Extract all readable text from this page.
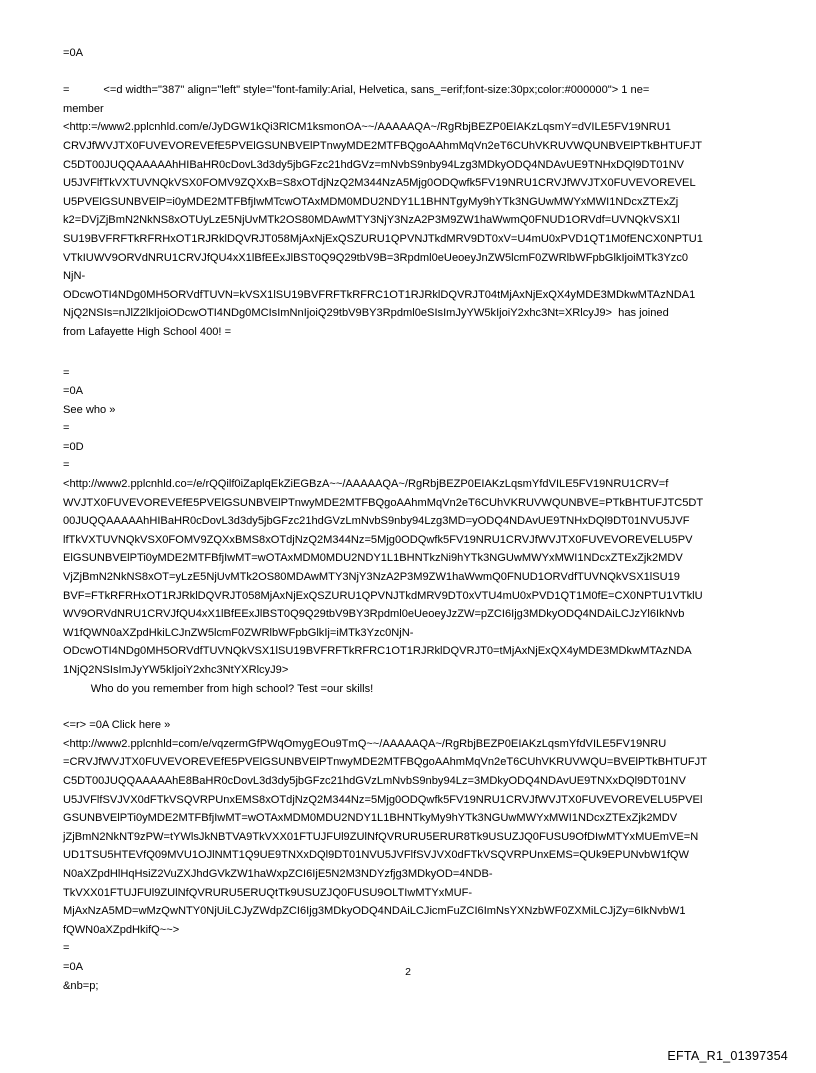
=0A
=           <=d width="387" align="left" style="font-family:Arial, Helvetica, sans_=erif;font-size:30px;color:#000000"> 1 ne=
member
<http:=/www2.pplcnhld.com/e/JyDGW1kQi3RlCM1ksmonOA~~/AAAAAQA~/RgRbjBEZP0EIAKzLqsmY=dVILE5FV19NRU1
CRVJfWVJTX0FUVEVOREVEfE5PVElGSUNBVElPTnwyMDE2MTFBQgoAAhmMqVn2eT6CUhVKRUVWQUNBVElPTkBHTUFJT
C5DT00JUQQAAAAAhHIBaHR0cDovL3d3dy5jbGFzc21hdGVz=mNvbS9nby94Lzg3MDkyODQ4NDAvUE9TNHxDQl9DT01NV
U5JVFlfTkVXTUVNQkVSX0FOMV9ZQXxB=S8xOTdjNzQ2M344NzA5Mjg0ODQwfk5FV19NRU1CRVJfWVJTX0FUVEVOREVEL
U5PVElGSUNBVElP=i0yMDE2MTFBfjIwMTcwOTAxMDM0MDU2NDY1L1BHNTgyMy9hYTk3NGUwMWYxMWI1NDcxZTExZj
k2=DVjZjBmN2NkNS8xOTUyLzE5NjUvMTk2OS80MDAwMTY3NjY3NzA2P3M9ZW1haWwmQ0FNUD1ORVdf=UVNQkVSX1l
SU19BVFRFTkRFRHxOT1RJRklDQVRJT058MjAxNjExQSZURU1QPVNJTkdMRV9DT0xV=U4mU0xPVD1QT1M0fENCX0NPTU1
VTkIUWV9ORVdNRU1CRVJfQU4xX1lBfEExJlBST0Q9Q29tbV9B=3Rpdml0eUeoeyJnZW5lcmF0ZWRlbWFpbGlkIjoiMTk3Yzc0
NjN-
ODcwOTI4NDg0MH5ORVdfTUVN=kVSX1lSU19BVFRFTkRFRC1OT1RJRklDQVRJT04tMjAxNjExQX4yMDE3MDkwMTAzNDA1
NjQ2NSIs=nJlZ2lkIjoiODcwOTI4NDg0MCIsImNnIjoiQ29tbV9BY3Rpdml0eSIsImJyYW5kIjoiY2xhc3Nt=XRlcyJ9>  has joined
from Lafayette High School 400! =
=
=0A
See who »
=
=0D
=
<http://www2.pplcnhld.co=/e/rQQilf0iZaplqEkZiEGBzA~~/AAAAAQA~/RgRbjBEZP0EIAKzLqsmYfdVILE5FV19NRU1CRV=f
WVJTX0FUVEVOREVEfE5PVElGSUNBVElPTnwyMDE2MTFBQgoAAhmMqVn2eT6CUhVKRUVWQUNBVE=PTkBHTUFJTC5DT
00JUQQAAAAAhHIBaHR0cDovL3d3dy5jbGFzc21hdGVzLmNvbS9nby94Lzg3MD=yODQ4NDAvUE9TNHxDQl9DT01NVU5JVF
lfTkVXTUVNQkVSX0FOMV9ZQXxBMS8xOTdjNzQ2M344Nz=5Mjg0ODQwfk5FV19NRU1CRVJfWVJTX0FUVEVOREVELU5PV
ElGSUNBVElPTi0yMDE2MTFBfjIwMT=wOTAxMDM0MDU2NDY1L1BHNTkzNi9hYTk3NGUwMWYxMWI1NDcxZTExZjk2MDV
VjZjBmN2NkNS8xOT=yLzE5NjUvMTk2OS80MDAwMTY3NjY3NzA2P3M9ZW1haWwmQ0FNUD1ORVdfTUVNQkVSX1lSU19
BVF=FTkRFRHxOT1RJRklDQVRJT058MjAxNjExQSZURU1QPVNJTkdMRV9DT0xVTU4mU0xPVD1QT1M0fE=CX0NPTU1VTklU
WV9ORVdNRU1CRVJfQU4xX1lBfEExJlBST0Q9Q29tbV9BY3Rpdml0eUeoeyJzZW=pZCI6Ijg3MDkyODQ4NDAiLCJzYl6IkNvb
W1fQWN0aXZpdHkiLCJnZW5lcmF0ZWRlbWFpbGlkIj=iMTk3Yzc0NjN-
ODcwOTI4NDg0MH5ORVdfTUVNQkVSX1lSU19BVFRFTkRFRC1OT1RJRklDQVRJT0=tMjAxNjExQX4yMDE3MDkwMTAzNDA
1NjQ2NSIsImJyYW5kIjoiY2xhc3NtYXRlcyJ9>
Who do you remember from high school? Test =our skills!
<=r> =0A Click here »
<http://www2.pplcnhld=com/e/vqzermGfPWqOmygEOu9TmQ~~/AAAAAQA~/RgRbjBEZP0EIAKzLqsmYfdVILE5FV19NRU
=CRVJfWVJTX0FUVEVOREVEfE5PVElGSUNBVElPTnwyMDE2MTFBQgoAAhmMqVn2eT6CUhVKRUVWQU=BVElPTkBHTUFJT
C5DT00JUQQAAAAAhE8BaHR0cDovL3d3dy5jbGFzc21hdGVzLmNvbS9nby94Lz=3MDkyODQ4NDAvUE9TNXxDQl9DT01NV
U5JVFlfSVJVX0dFTkVSQVRPUnxEMS8xOTdjNzQ2M344Nz=5Mjg0ODQwfk5FV19NRU1CRVJfWVJTX0FUVEVOREVELU5PVEl
GSUNBVElPTi0yMDE2MTFBfjIwMT=wOTAxMDM0MDU2NDY1L1BHNTkyMy9hYTk3NGUwMWYxMWI1NDcxZTExZjk2MDV
jZjBmN2NkNT9zPW=tYWlsJkNBTVA9TkVXX01FTUJFUl9ZUlNfQVRURU5ERUR8Tk9USUZJQ0FUSU9OfDIwMTYxMUEmVE=N
UD1TSU5HTEVfQ09MVU1OJlNMT1Q9UE9TNXxDQl9DT01NVU5JVFlfSVJVX0dFTkVSQVRPUnxEMS=QUk9EPUNvbW1fQW
N0aXZpdHlHqHsiZ2VuZXJhdGVkZW1haWxpZCI6IjE5N2M3NDYzfjg3MDkyOD=4NDB-
TkVXX01FTUJFUl9ZUlNfQVRURU5ERUQtTk9USUZJQ0FUSU9OLTIwMTYxMUF-
MjAxNzA5MD=wMzQwNTY0NjUiLCJyZWdpZCI6Ijg3MDkyODQ4NDAiLCJicmFuZCI6ImNsYXNzbWF0ZXMiLCJjZy=6IkNvbW1
fQWN0aXZpdHkifQ~~>
=
=0A
&nb=p;
2
EFTA_R1_01397354
